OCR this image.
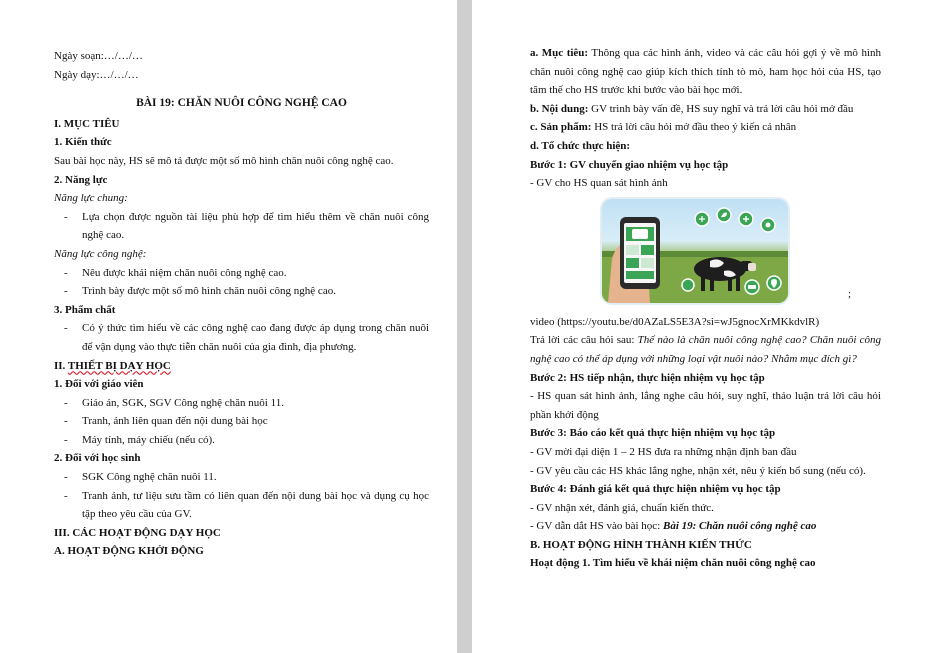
Ngày soạn:…/…/…
Ngày dạy:…/…/…
BÀI 19: CHĂN NUÔI CÔNG NGHỆ CAO
I. MỤC TIÊU
1. Kiến thức
Sau bài học này, HS sẽ mô tả được một số mô hình chăn nuôi công nghệ cao.
2. Năng lực
Năng lực chung:
- Lựa chọn được nguồn tài liệu phù hợp để tìm hiểu thêm về chăn nuôi công nghệ cao.
Năng lực công nghệ:
- Nêu được khái niệm chăn nuôi công nghệ cao.
- Trình bày được một số mô hình chăn nuôi công nghệ cao.
3. Phẩm chất
- Có ý thức tìm hiểu về các công nghệ cao đang được áp dụng trong chăn nuôi để vận dụng vào thực tiễn chăn nuôi của gia đình, địa phương.
II. THIẾT BỊ DẠY HỌC
1. Đối với giáo viên
- Giáo án, SGK, SGV Công nghệ chăn nuôi 11.
- Tranh, ảnh liên quan đến nội dung bài học
- Máy tính, máy chiếu (nếu có).
2. Đối với học sinh
- SGK Công nghệ chăn nuôi 11.
- Tranh ảnh, tư liệu sưu tầm có liên quan đến nội dung bài học và dụng cụ học tập theo yêu cầu của GV.
III. CÁC HOẠT ĐỘNG DẠY HỌC
A. HOẠT ĐỘNG KHỞI ĐỘNG
a. Mục tiêu: Thông qua các hình ảnh, video và các câu hỏi gợi ý về mô hình chăn nuôi công nghệ cao giúp kích thích tính tò mò, ham học hỏi của HS, tạo tâm thế cho HS trước khi bước vào bài học mới.
b. Nội dung: GV trình bày vấn đề, HS suy nghĩ và trả lời câu hỏi mở đầu
c. Sản phẩm: HS trả lời câu hỏi mở đầu theo ý kiến cá nhân
d. Tổ chức thực hiện:
Bước 1: GV chuyển giao nhiệm vụ học tập
- GV cho HS quan sát hình ảnh
;
video (https://youtu.be/d0AZaLS5E3A?si=wJ5gnocXrMKkdvlR)
Trả lời các câu hỏi sau: Thế nào là chăn nuôi công nghệ cao? Chăn nuôi công nghệ cao có thể áp dụng với những loại vật nuôi nào? Nhằm mục đích gì?
Bước 2: HS tiếp nhận, thực hiện nhiệm vụ học tập
- HS quan sát hình ảnh, lắng nghe câu hỏi, suy nghĩ, thảo luận trả lời câu hỏi phần khởi động
Bước 3: Báo cáo kết quả thực hiện nhiệm vụ học tập
- GV mời đại diện 1 – 2 HS đưa ra những nhận định ban đầu
- GV yêu cầu các HS khác lắng nghe, nhận xét, nêu ý kiến bổ sung (nếu có).
Bước 4: Đánh giá kết quả thực hiện nhiệm vụ học tập
- GV nhận xét, đánh giá, chuẩn kiến thức.
- GV dẫn dắt HS vào bài học: Bài 19: Chăn nuôi công nghệ cao
B. HOẠT ĐỘNG HÌNH THÀNH KIẾN THỨC
Hoạt động 1. Tìm hiểu về khái niệm chăn nuôi công nghệ cao
